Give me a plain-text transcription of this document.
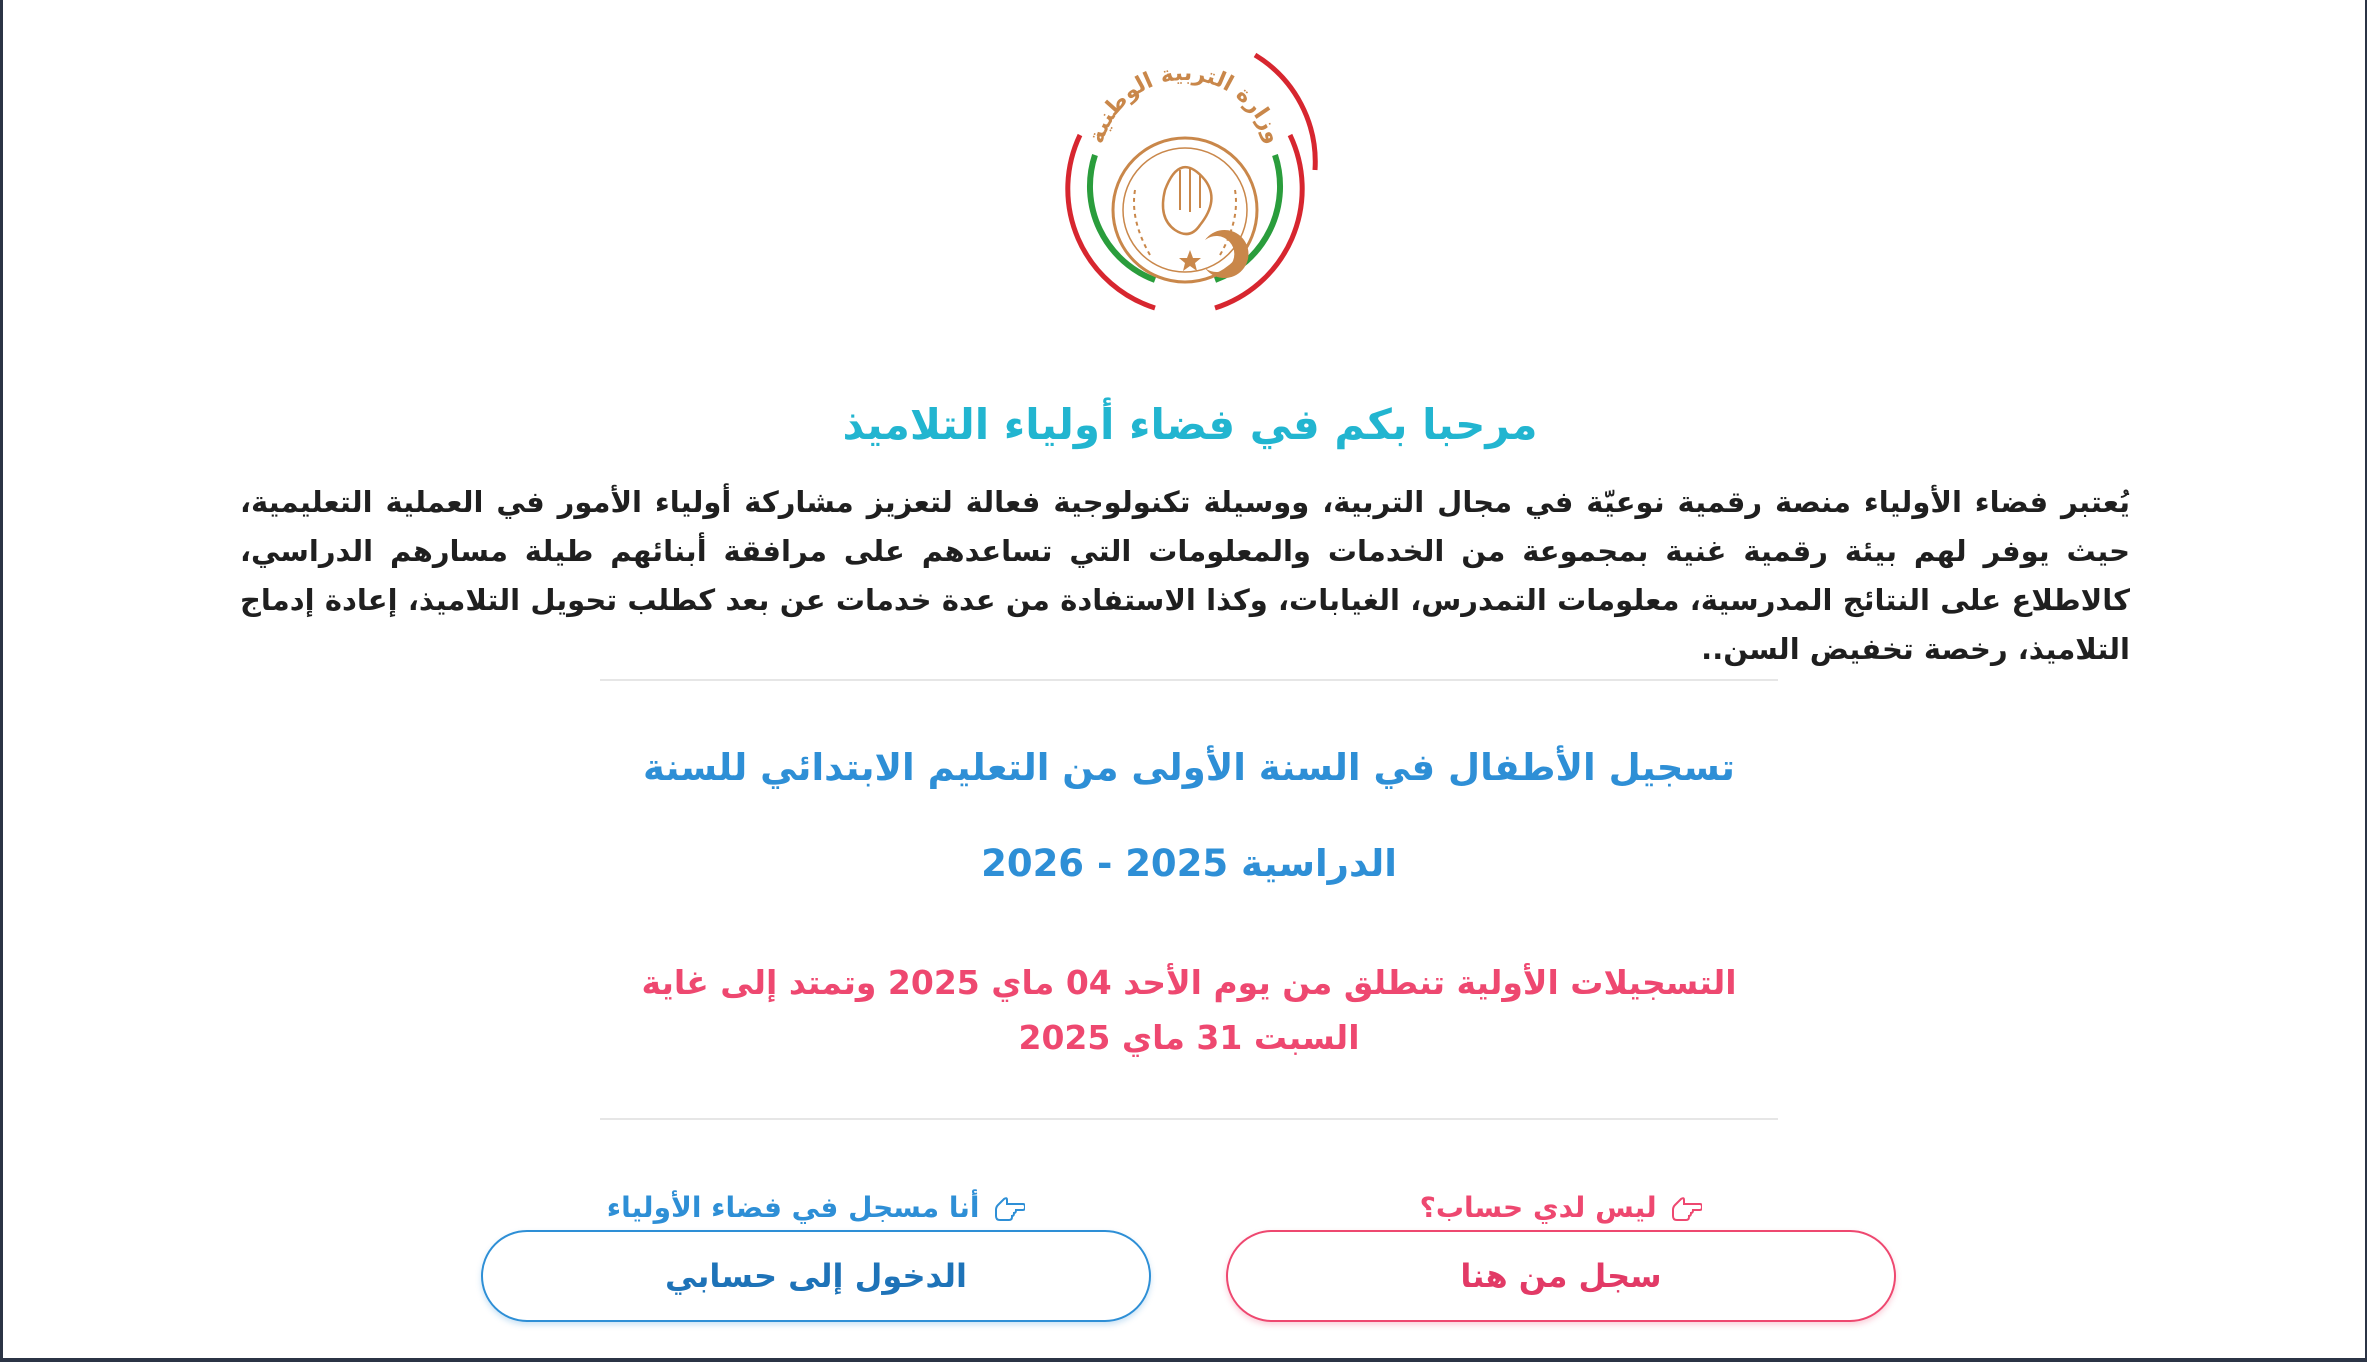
وزارة التربية الوطنية
مرحبا بكم في فضاء أولياء التلاميذ

يُعتبر فضاء الأولياء منصة رقمية نوعيّة في مجال التربية، ووسيلة تكنولوجية فعالة لتعزيز مشاركة أولياء الأمور في العملية التعليمية، حيث يوفر لهم بيئة رقمية غنية بمجموعة من الخدمات والمعلومات التي تساعدهم على مرافقة أبنائهم طيلة مسارهم الدراسي، كالاطلاع على النتائج المدرسية، معلومات التمدرس، الغيابات، وكذا الاستفادة من عدة خدمات عن بعد كطلب تحويل التلاميذ، إعادة إدماج التلاميذ، رخصة تخفيض السن..

تسجيل الأطفال في السنة الأولى من التعليم الابتدائي للسنة الدراسية 2025 - 2026

التسجيلات الأولية تنطلق من يوم الأحد 04 ماي 2025 وتمتد إلى غاية السبت 31 ماي 2025

ليس لدي حساب؟
سجل من هنا
أنا مسجل في فضاء الأولياء
الدخول إلى حسابي
